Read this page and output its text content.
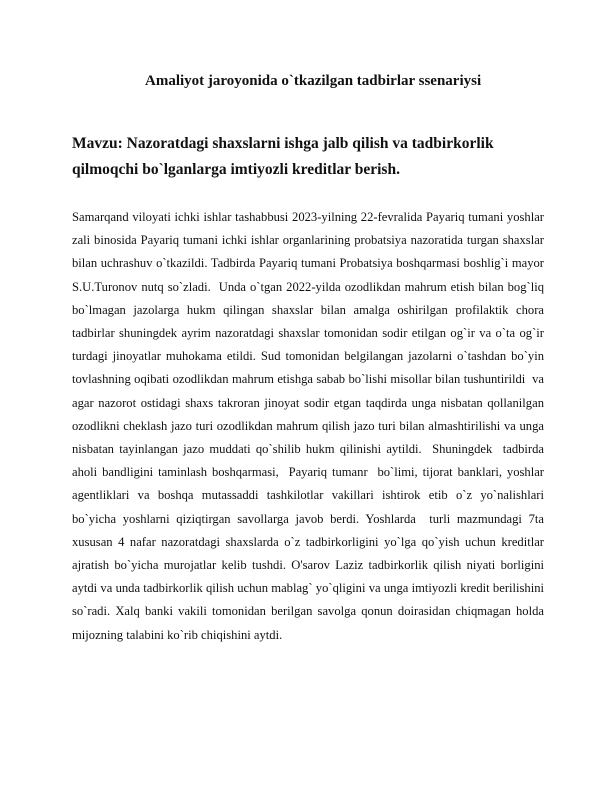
Amaliyot jaroyonida o`tkazilgan tadbirlar ssenariysi
Mavzu: Nazoratdagi shaxslarni ishga jalb qilish va tadbirkorlik qilmoqchi bo`lganlarga imtiyozli kreditlar berish.

Samarqand viloyati ichki ishlar tashabbusi 2023-yilning 22-fevralida Payariq tumani yoshlar zali binosida Payariq tumani ichki ishlar organlarining probatsiya nazoratida turgan shaxslar bilan uchrashuv o`tkazildi. Tadbirda Payariq tumani Probatsiya boshqarmasi boshlig`i mayor S.U.Turonov nutq so`zladi.  Unda o`tgan 2022-yilda ozodlikdan mahrum etish bilan bog`liq bo`lmagan jazolarga hukm qilingan shaxslar bilan amalga oshirilgan profilaktik chora tadbirlar shuningdek ayrim nazoratdagi shaxslar tomonidan sodir etilgan og`ir va o`ta og`ir turdagi jinoyatlar muhokama etildi. Sud tomonidan belgilangan jazolarni o`tashdan bo`yin tovlashning oqibati ozodlikdan mahrum etishga sabab bo`lishi misollar bilan tushuntirildi  va agar nazorot ostidagi shaxs takroran jinoyat sodir etgan taqdirda unga nisbatan qollanilgan ozodlikni cheklash jazo turi ozodlikdan mahrum qilish jazo turi bilan almashtirilishi va unga nisbatan tayinlangan jazo muddati qo`shilib hukm qilinishi aytildi.  Shuningdek  tadbirda aholi bandligini taminlash boshqarmasi,  Payariq tumanr  bo`limi, tijorat banklari, yoshlar agentliklari va boshqa mutassaddi tashkilotlar vakillari ishtirok etib o`z yo`nalishlari bo`yicha yoshlarni qiziqtirgan savollarga javob berdi. Yoshlarda  turli mazmundagi 7ta xususan 4 nafar nazoratdagi shaxslarda o`z tadbirkorligini yo`lga qo`yish uchun kreditlar ajratish bo`yicha murojatlar kelib tushdi. O'sarov Laziz tadbirkorlik qilish niyati borligini aytdi va unda tadbirkorlik qilish uchun mablag` yo`qligini va unga imtiyozli kredit berilishini so`radi. Xalq banki vakili tomonidan berilgan savolga qonun doirasidan chiqmagan holda mijozning talabini ko`rib chiqishini aytdi.
